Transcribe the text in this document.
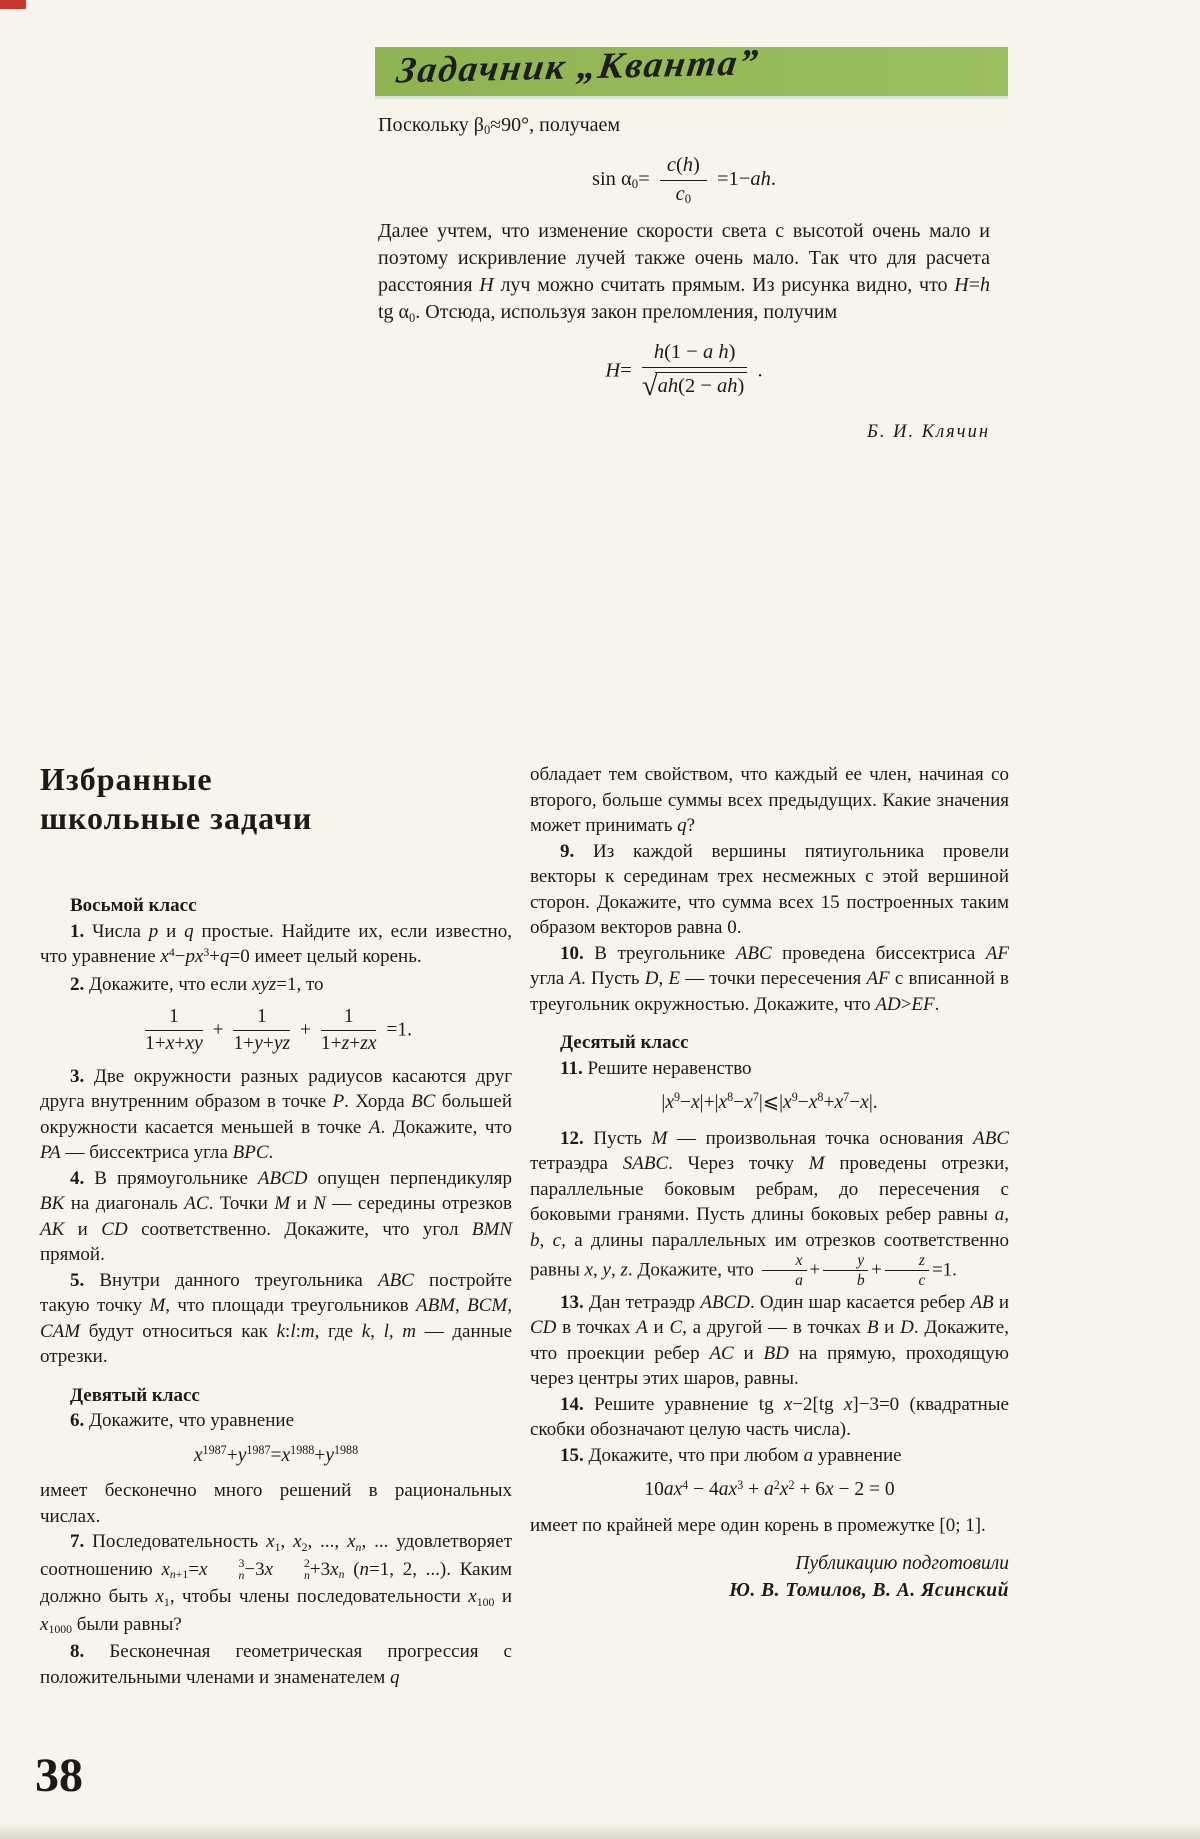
Задачник „Кванта”

Поскольку $\beta_0\approx 90^\circ$, получаем

$\sin \alpha_0= \frac{c(h)}{c_0} =1-ah$.

Далее учтем, что изменение скорости света с высотой очень мало и поэтому искривление лучей также очень мало. Так что для расчета расстояния H луч можно считать прямым. Из рисунка видно, что H=h tg $\alpha_0$. Отсюда, используя закон преломления, получим

$H= \frac{\text{h(1 − a h)}}{√ah(2 - ah)}$ .
Б. И. Клячин
Избранные
школьные задачи

Восьмой класс

1. Числа p и q простые. Найдите их, если известно, что уравнение $x^4-px^3+q=0$ имеет целый корень.

2. Докажите, что если xyz=1, то

$\frac{1}{1+x+xy} + \frac{1}{1+y+yz} + \frac{1}{1+z+zx} =1$.

3. Две окружности разных радиусов касаются друг друга внутренним образом в точке P. Хорда BC большей окружности касается меньшей в точке A. Докажите, что PA — биссектриса угла BPC.

4. В прямоугольнике ABCD опущен перпендикуляр BK на диагональ AC. Точки M и N — середины отрезков AK и CD соответственно. Докажите, что угол BMN прямой.

5. Внутри данного треугольника ABC постройте такую точку M, что площади треугольников ABM, BCM, CAM будут относиться как k:l:m, где k, l, m — данные отрезки.

Девятый класс

6. Докажите, что уравнение

$x^{1987}+y^{1987}=x^{1988}+y^{1988}$

имеет бесконечно много решений в рациональных числах.

7. Последовательность $x_1$, $x_2$, ..., $x_n$, ... удовлетворяет соотношению $x_{n+1}=x$	3
n −3x	2
$n +3x_n$ (n=1, 2, ...). Каким должно быть $x_1$, чтобы члены последовательности $x_{100}$ и $x_{1000}$ были равны?

8. Бесконечная геометрическая прогрессия с положительными членами и знаменателем q

обладает тем свойством, что каждый ее член, начиная со второго, больше суммы всех предыдущих. Какие значения может принимать q?

9. Из каждой вершины пятиугольника провели векторы к серединам трех несмежных с этой вершиной сторон. Докажите, что сумма всех 15 построенных таким образом векторов равна 0.

10. В треугольнике ABC проведена биссектриса AF угла A. Пусть D, E — точки пересечения AF с вписанной в треугольник окружностью. Докажите, что AD>EF.

Десятый класс

11. Решите неравенство

$|x^9-x|+|x^8-x^7|⩽|x^9-x^8+x^7-x|$.

12. Пусть M — произвольная точка основания ABC тетраэдра SABC. Через точку M проведены отрезки, параллельные боковым ребрам, до пересечения с боковыми гранями. Пусть длины боковых ребер равны a, b, c, а длины параллельных им отрезков соответственно равны x, y, z. Докажите, что $\frac{x}{a} + \frac{y}{b} + \frac{z}{c} =1$.

13. Дан тетраэдр ABCD. Один шар касается ребер AB и CD в точках A и C, а другой — в точках B и D. Докажите, что проекции ребер AC и BD на прямую, проходящую через центры этих шаров, равны.

14. Решите уравнение tg x−2[tg x]−3=0 (квадратные скобки обозначают целую часть числа).

15. Докажите, что при любом a уравнение

$10ax^4 - 4ax^3 + a^2x^2 + 6x - 2 = 0$

имеет по крайней мере один корень в промежутке [0; 1].

Публикацию подготовили
Ю. В. Томилов, В. А. Ясинский
38
